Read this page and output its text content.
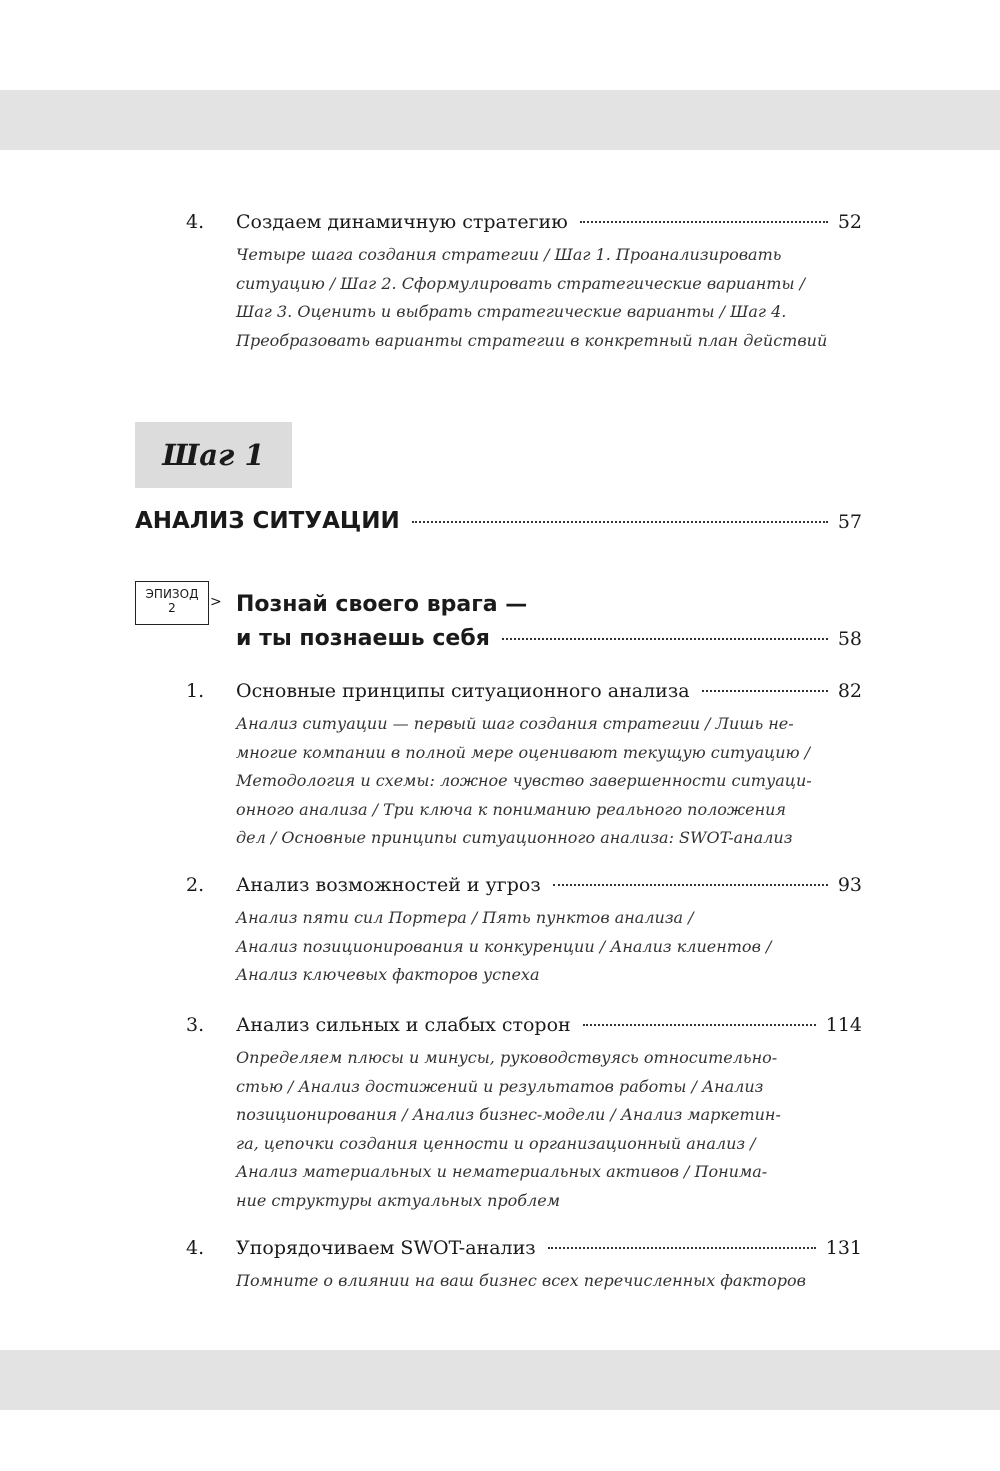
4.	Создаем динамичную стратегию	52
Четыре шага создания стратегии / Шаг 1. Проанализировать
ситуацию / Шаг 2. Сформулировать стратегические варианты /
Шаг 3. Оценить и выбрать стратегические варианты / Шаг 4.
Преобразовать варианты стратегии в конкретный план действий
Шаг 1
АНАЛИЗ СИТУАЦИИ	57
ЭПИЗОД
2	> Познай своего врага —
и ты познаешь себя	58
1.	Основные принципы ситуационного анализа	82
Анализ ситуации — первый шаг создания стратегии / Лишь не-
многие компании в полной мере оценивают текущую ситуацию /
Методология и схемы: ложное чувство завершенности ситуаци-
онного анализа / Три ключа к пониманию реального положения
дел / Основные принципы ситуационного анализа: SWOT-анализ
2.	Анализ возможностей и угроз	93
Анализ пяти сил Портера / Пять пунктов анализа /
Анализ позиционирования и конкуренции / Анализ клиентов /
Анализ ключевых факторов успеха
3.	Анализ сильных и слабых сторон	114
Определяем плюсы и минусы, руководствуясь относительно-
стью / Анализ достижений и результатов работы / Анализ
позиционирования / Анализ бизнес-модели / Анализ маркетин-
га, цепочки создания ценности и организационный анализ /
Анализ материальных и нематериальных активов / Понима-
ние структуры актуальных проблем
4.	Упорядочиваем SWOT-анализ	131
Помните о влиянии на ваш бизнес всех перечисленных факторов
